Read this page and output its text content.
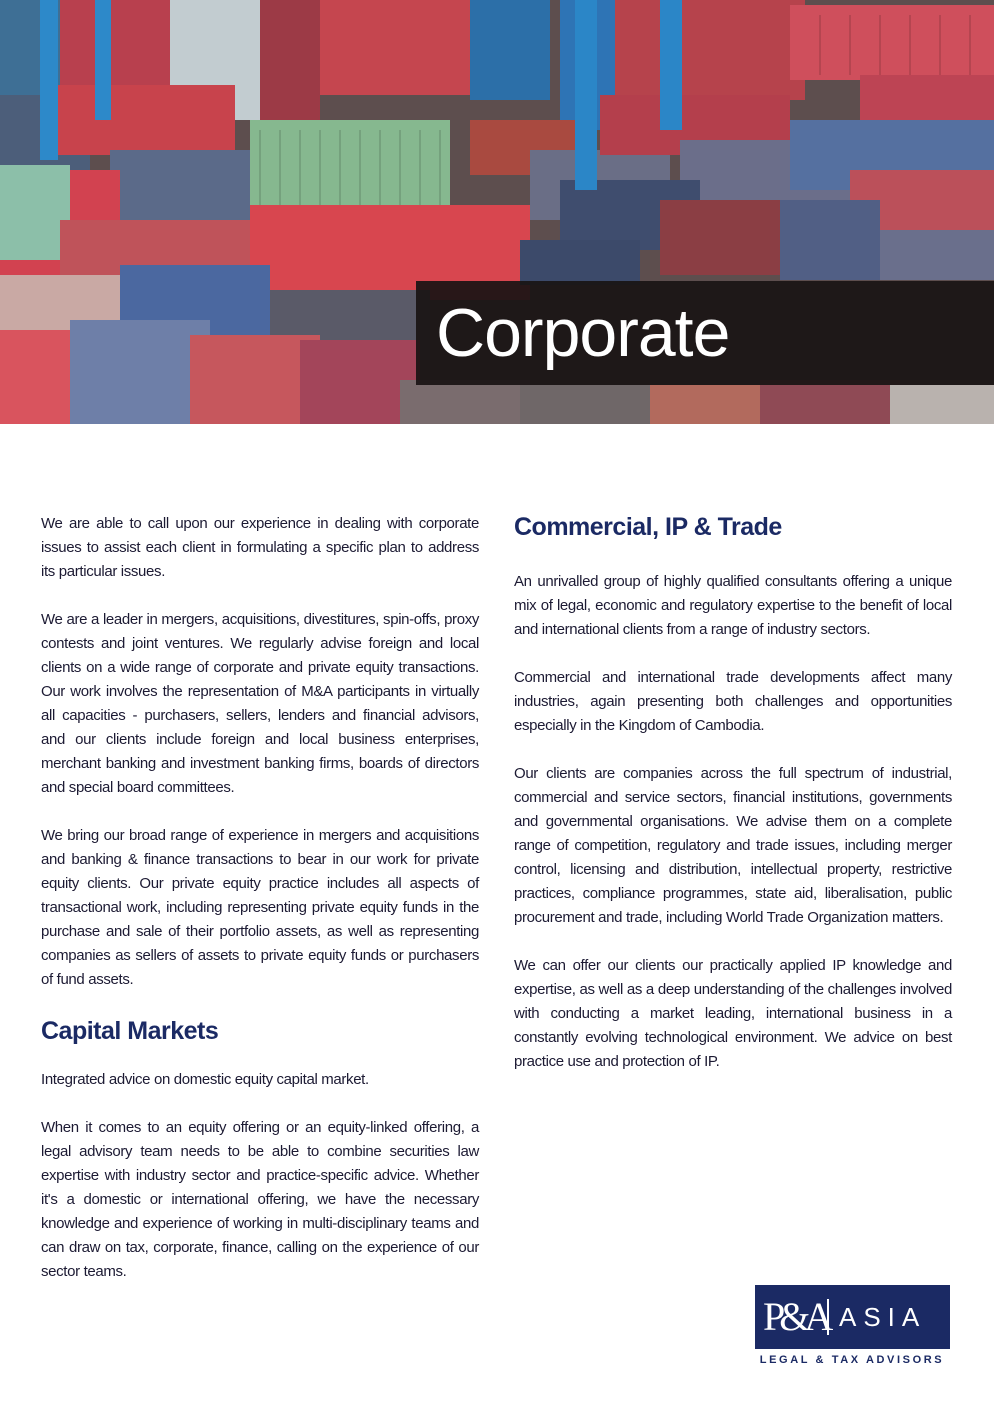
Corporate

We are able to call upon our experience in dealing with corporate issues to assist each client in formulating a specific plan to address its particular issues.

We are a leader in mergers, acquisitions, divestitures, spin-offs, proxy contests and joint ventures. We regularly advise foreign and local clients on a wide range of corporate and private equity transactions. Our work involves the representation of M&A participants in virtually all capacities - purchasers, sellers, lenders and financial advisors, and our clients include foreign and local business enterprises, merchant banking and investment banking firms, boards of directors and special board committees.

We bring our broad range of experience in mergers and acquisitions and banking & finance transactions to bear in our work for private equity clients. Our private equity practice includes all aspects of transactional work, including representing private equity funds in the purchase and sale of their portfolio assets, as well as representing companies as sellers of assets to private equity funds or purchasers of fund assets.

Capital Markets

Integrated advice on domestic equity capital market.

When it comes to an equity offering or an equity-linked offering, a legal advisory team needs to be able to combine securities law expertise with industry sector and practice-specific advice. Whether it's a domestic or international offering, we have the necessary knowledge and experience of working in multi-disciplinary teams and can draw on tax, corporate, finance, calling on the experience of our sector teams.

Commercial, IP & Trade

An unrivalled group of highly qualified consultants offering a unique mix of legal, economic and regulatory expertise to the benefit of local and international clients from a range of industry sectors.

Commercial and international trade developments affect many industries, again presenting both challenges and opportunities especially in the Kingdom of Cambodia.

Our clients are companies across the full spectrum of industrial, commercial and service sectors, financial institutions, governments and governmental organisations. We advise them on a complete range of competition, regulatory and trade issues, including merger control, licensing and distribution, intellectual property, restrictive practices, compliance programmes, state aid, liberalisation, public procurement and trade, including World Trade Organization matters.

We can offer our clients our practically applied IP knowledge and expertise, as well as a deep understanding of the challenges involved with conducting a market leading, international business in a constantly evolving technological environment. We advice on best practice use and protection of IP.

P&A ASIA
LEGAL & TAX ADVISORS
